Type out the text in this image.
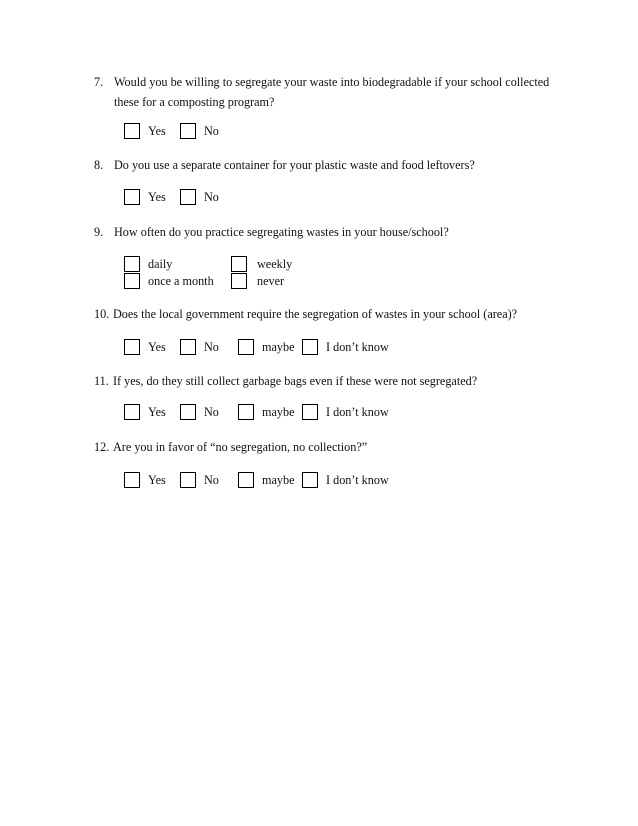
7. Would you be willing to segregate your waste into biodegradable if your school collected
these for a composting program?
Yes	No
8. Do you use a separate container for your plastic waste and food leftovers?
Yes	No
9. How often do you practice segregating wastes in your house/school?
daily	weekly
once a month	never
10. Does the local government require the segregation of wastes in your school (area)?
Yes	No	maybe	I don’t know
11. If yes, do they still collect garbage bags even if these were not segregated?
Yes	No	maybe	I don’t know
12. Are you in favor of “no segregation, no collection?”
Yes	No	maybe	I don’t know
